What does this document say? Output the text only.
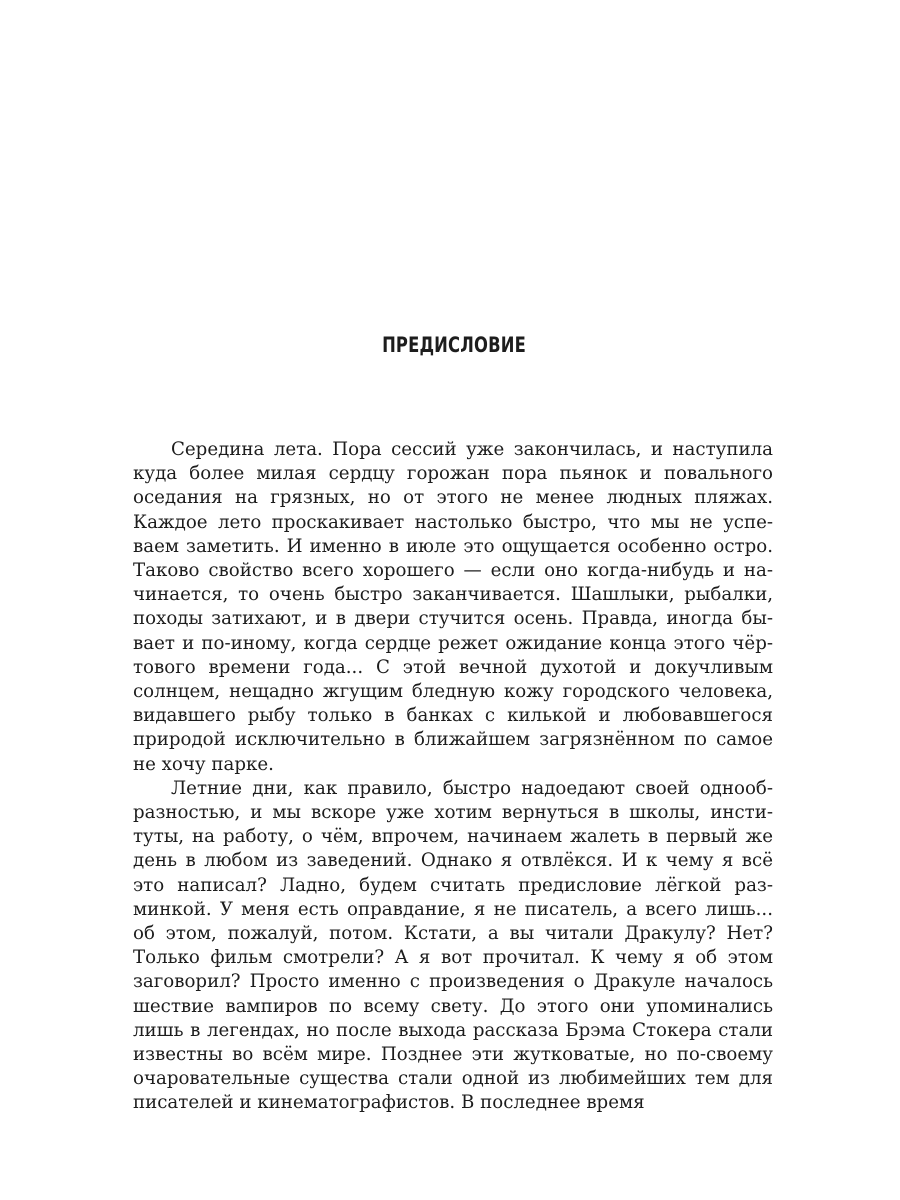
ПРЕДИСЛОВИЕ

Середина лета. Пора сессий уже закончилась, и наступила куда более милая сердцу горожан пора пьянок и повального оседания на грязных, но от этого не менее людных пляжах. Каждое лето проскакивает настолько быстро, что мы не успеваем заметить. И именно в июле это ощущается особенно остро. Таково свойство всего хорошего — если оно когда-нибудь и начинается, то очень быстро заканчивается. Шашлыки, рыбалки, походы затихают, и в двери стучится осень. Правда, иногда бывает и по-иному, когда сердце режет ожидание конца этого чёртового времени года... С этой вечной духотой и докучливым солнцем, нещадно жгущим бледную кожу городского человека, видавшего рыбу только в банках с килькой и любовавшегося природой исключительно в ближайшем загрязнённом по самое не хочу парке.

Летние дни, как правило, быстро надоедают своей однообразностью, и мы вскоре уже хотим вернуться в школы, институты, на работу, о чём, впрочем, начинаем жалеть в первый же день в любом из заведений. Однако я отвлёкся. И к чему я всё это написал? Ладно, будем считать предисловие лёгкой разминкой. У меня есть оправдание, я не писатель, а всего лишь... об этом, пожалуй, потом. Кстати, а вы читали Дракулу? Нет? Только фильм смотрели? А я вот прочитал. К чему я об этом заговорил? Просто именно с произведения о Дракуле началось шествие вампиров по всему свету. До этого они упоминались лишь в легендах, но после выхода рассказа Брэма Стокера стали известны во всём мире. Позднее эти жутковатые, но по-своему очаровательные существа стали одной из любимейших тем для писателей и кинематографистов. В последнее время
